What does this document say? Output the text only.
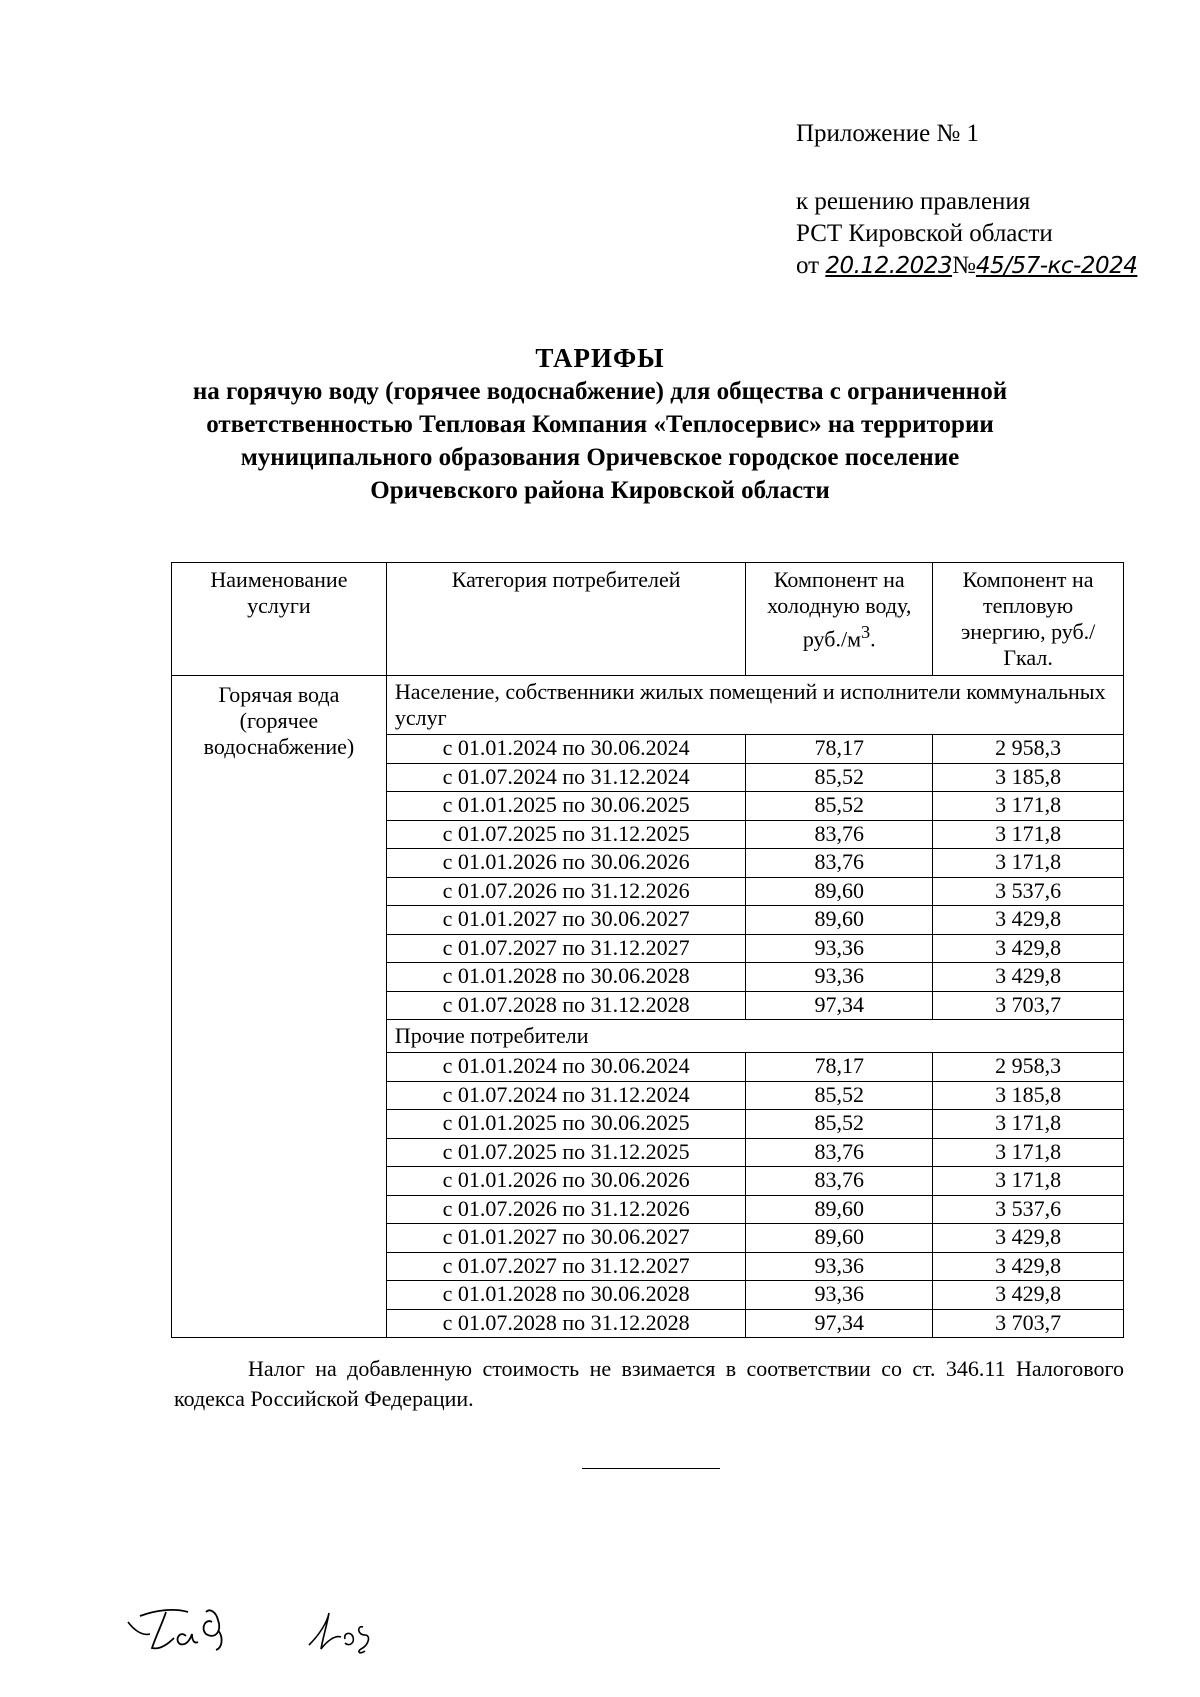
Приложение № 1
к решению правления
РСТ Кировской области
от 20.12.2023№45/57-кс-2024
ТАРИФЫ
на горячую воду (горячее водоснабжение) для общества с ограниченной
ответственностью Тепловая Компания «Теплосервис» на территории
муниципального образования Оричевское городское поселение
Оричевского района Кировской области
Наименование услуги	Категория потребителей	Компонент на холодную воду, $руб./м^3$.	Компонент на тепловую энергию, руб./Гкал.
Горячая вода (горячее водоснабжение)	Население, собственники жилых помещений и исполнители коммунальных услуг		
	с 01.01.2024 по 30.06.2024	78,17	2 958,3
	с 01.07.2024 по 31.12.2024	85,52	3 185,8
	с 01.01.2025 по 30.06.2025	85,52	3 171,8
	с 01.07.2025 по 31.12.2025	83,76	3 171,8
	с 01.01.2026 по 30.06.2026	83,76	3 171,8
	с 01.07.2026 по 31.12.2026	89,60	3 537,6
	с 01.01.2027 по 30.06.2027	89,60	3 429,8
	с 01.07.2027 по 31.12.2027	93,36	3 429,8
	с 01.01.2028 по 30.06.2028	93,36	3 429,8
	с 01.07.2028 по 31.12.2028	97,34	3 703,7
	Прочие потребители		
	с 01.01.2024 по 30.06.2024	78,17	2 958,3
	с 01.07.2024 по 31.12.2024	85,52	3 185,8
	с 01.01.2025 по 30.06.2025	85,52	3 171,8
	с 01.07.2025 по 31.12.2025	83,76	3 171,8
	с 01.01.2026 по 30.06.2026	83,76	3 171,8
	с 01.07.2026 по 31.12.2026	89,60	3 537,6
	с 01.01.2027 по 30.06.2027	89,60	3 429,8
	с 01.07.2027 по 31.12.2027	93,36	3 429,8
	с 01.01.2028 по 30.06.2028	93,36	3 429,8
	с 01.07.2028 по 31.12.2028	97,34	3 703,7
Налог на добавленную стоимость не взимается в соответствии со ст. 346.11 Налогового кодекса Российской Федерации.
